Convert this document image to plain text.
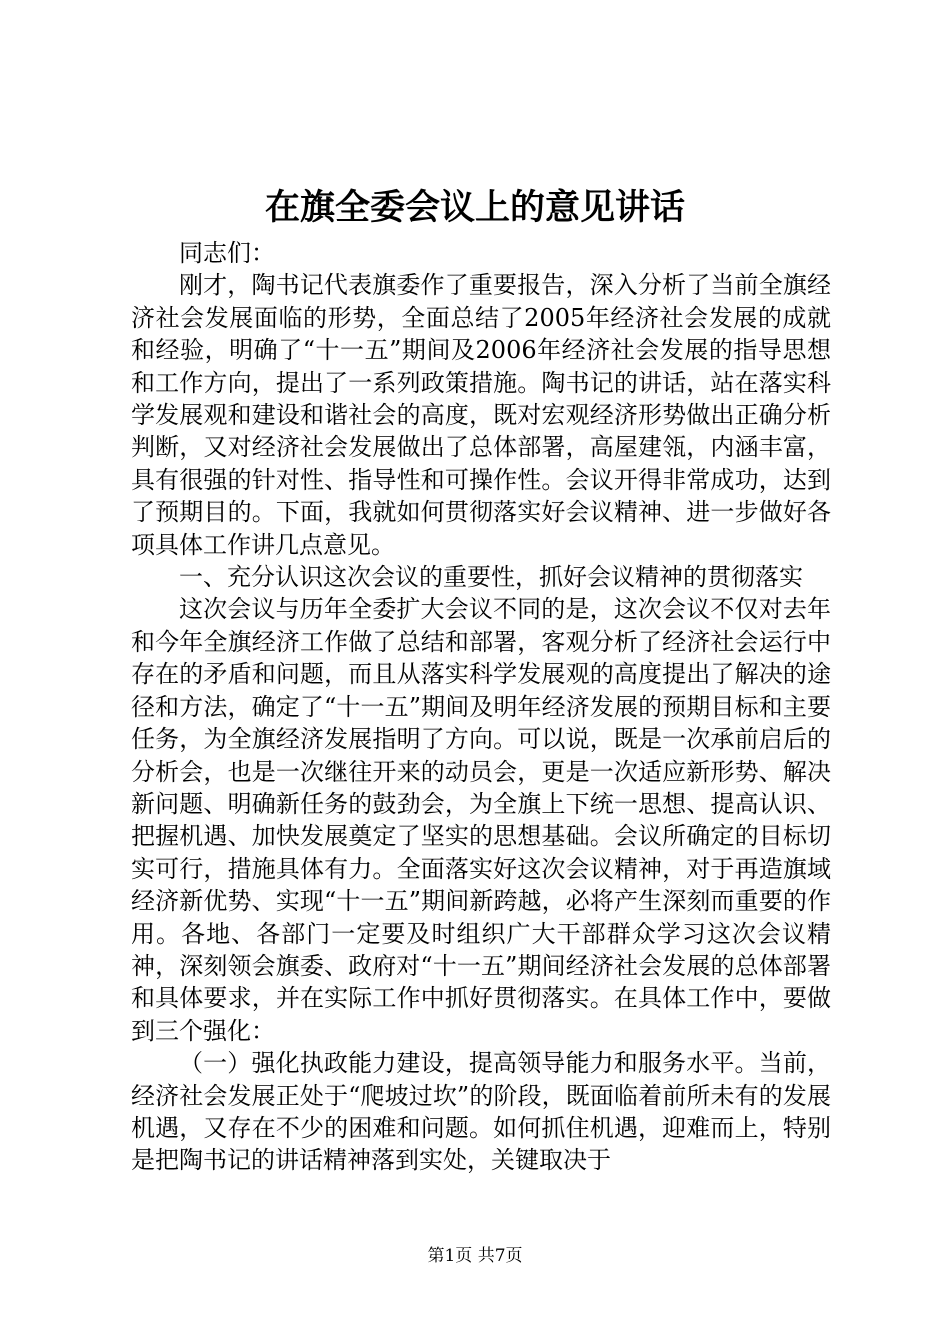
在旗全委会议上的意见讲话

同志们：

刚才，陶书记代表旗委作了重要报告，深入分析了当前全旗经济社会发展面临的形势，全面总结了2005年经济社会发展的成就和经验，明确了“十一五”期间及2006年经济社会发展的指导思想和工作方向，提出了一系列政策措施。陶书记的讲话，站在落实科学发展观和建设和谐社会的高度，既对宏观经济形势做出正确分析判断，又对经济社会发展做出了总体部署，高屋建瓴，内涵丰富，具有很强的针对性、指导性和可操作性。会议开得非常成功，达到了预期目的。下面，我就如何贯彻落实好会议精神、进一步做好各项具体工作讲几点意见。

一、充分认识这次会议的重要性，抓好会议精神的贯彻落实

这次会议与历年全委扩大会议不同的是，这次会议不仅对去年和今年全旗经济工作做了总结和部署，客观分析了经济社会运行中存在的矛盾和问题，而且从落实科学发展观的高度提出了解决的途径和方法，确定了“十一五”期间及明年经济发展的预期目标和主要任务，为全旗经济发展指明了方向。可以说，既是一次承前启后的分析会，也是一次继往开来的动员会，更是一次适应新形势、解决新问题、明确新任务的鼓劲会，为全旗上下统一思想、提高认识、把握机遇、加快发展奠定了坚实的思想基础。会议所确定的目标切实可行，措施具体有力。全面落实好这次会议精神，对于再造旗域经济新优势、实现“十一五”期间新跨越，必将产生深刻而重要的作用。各地、各部门一定要及时组织广大干部群众学习这次会议精神，深刻领会旗委、政府对“十一五”期间经济社会发展的总体部署和具体要求，并在实际工作中抓好贯彻落实。在具体工作中，要做到三个强化：

（一）强化执政能力建设，提高领导能力和服务水平。当前，经济社会发展正处于“爬坡过坎”的阶段，既面临着前所未有的发展机遇，又存在不少的困难和问题。如何抓住机遇，迎难而上，特别是把陶书记的讲话精神落到实处，关键取决于

第1页 共7页
